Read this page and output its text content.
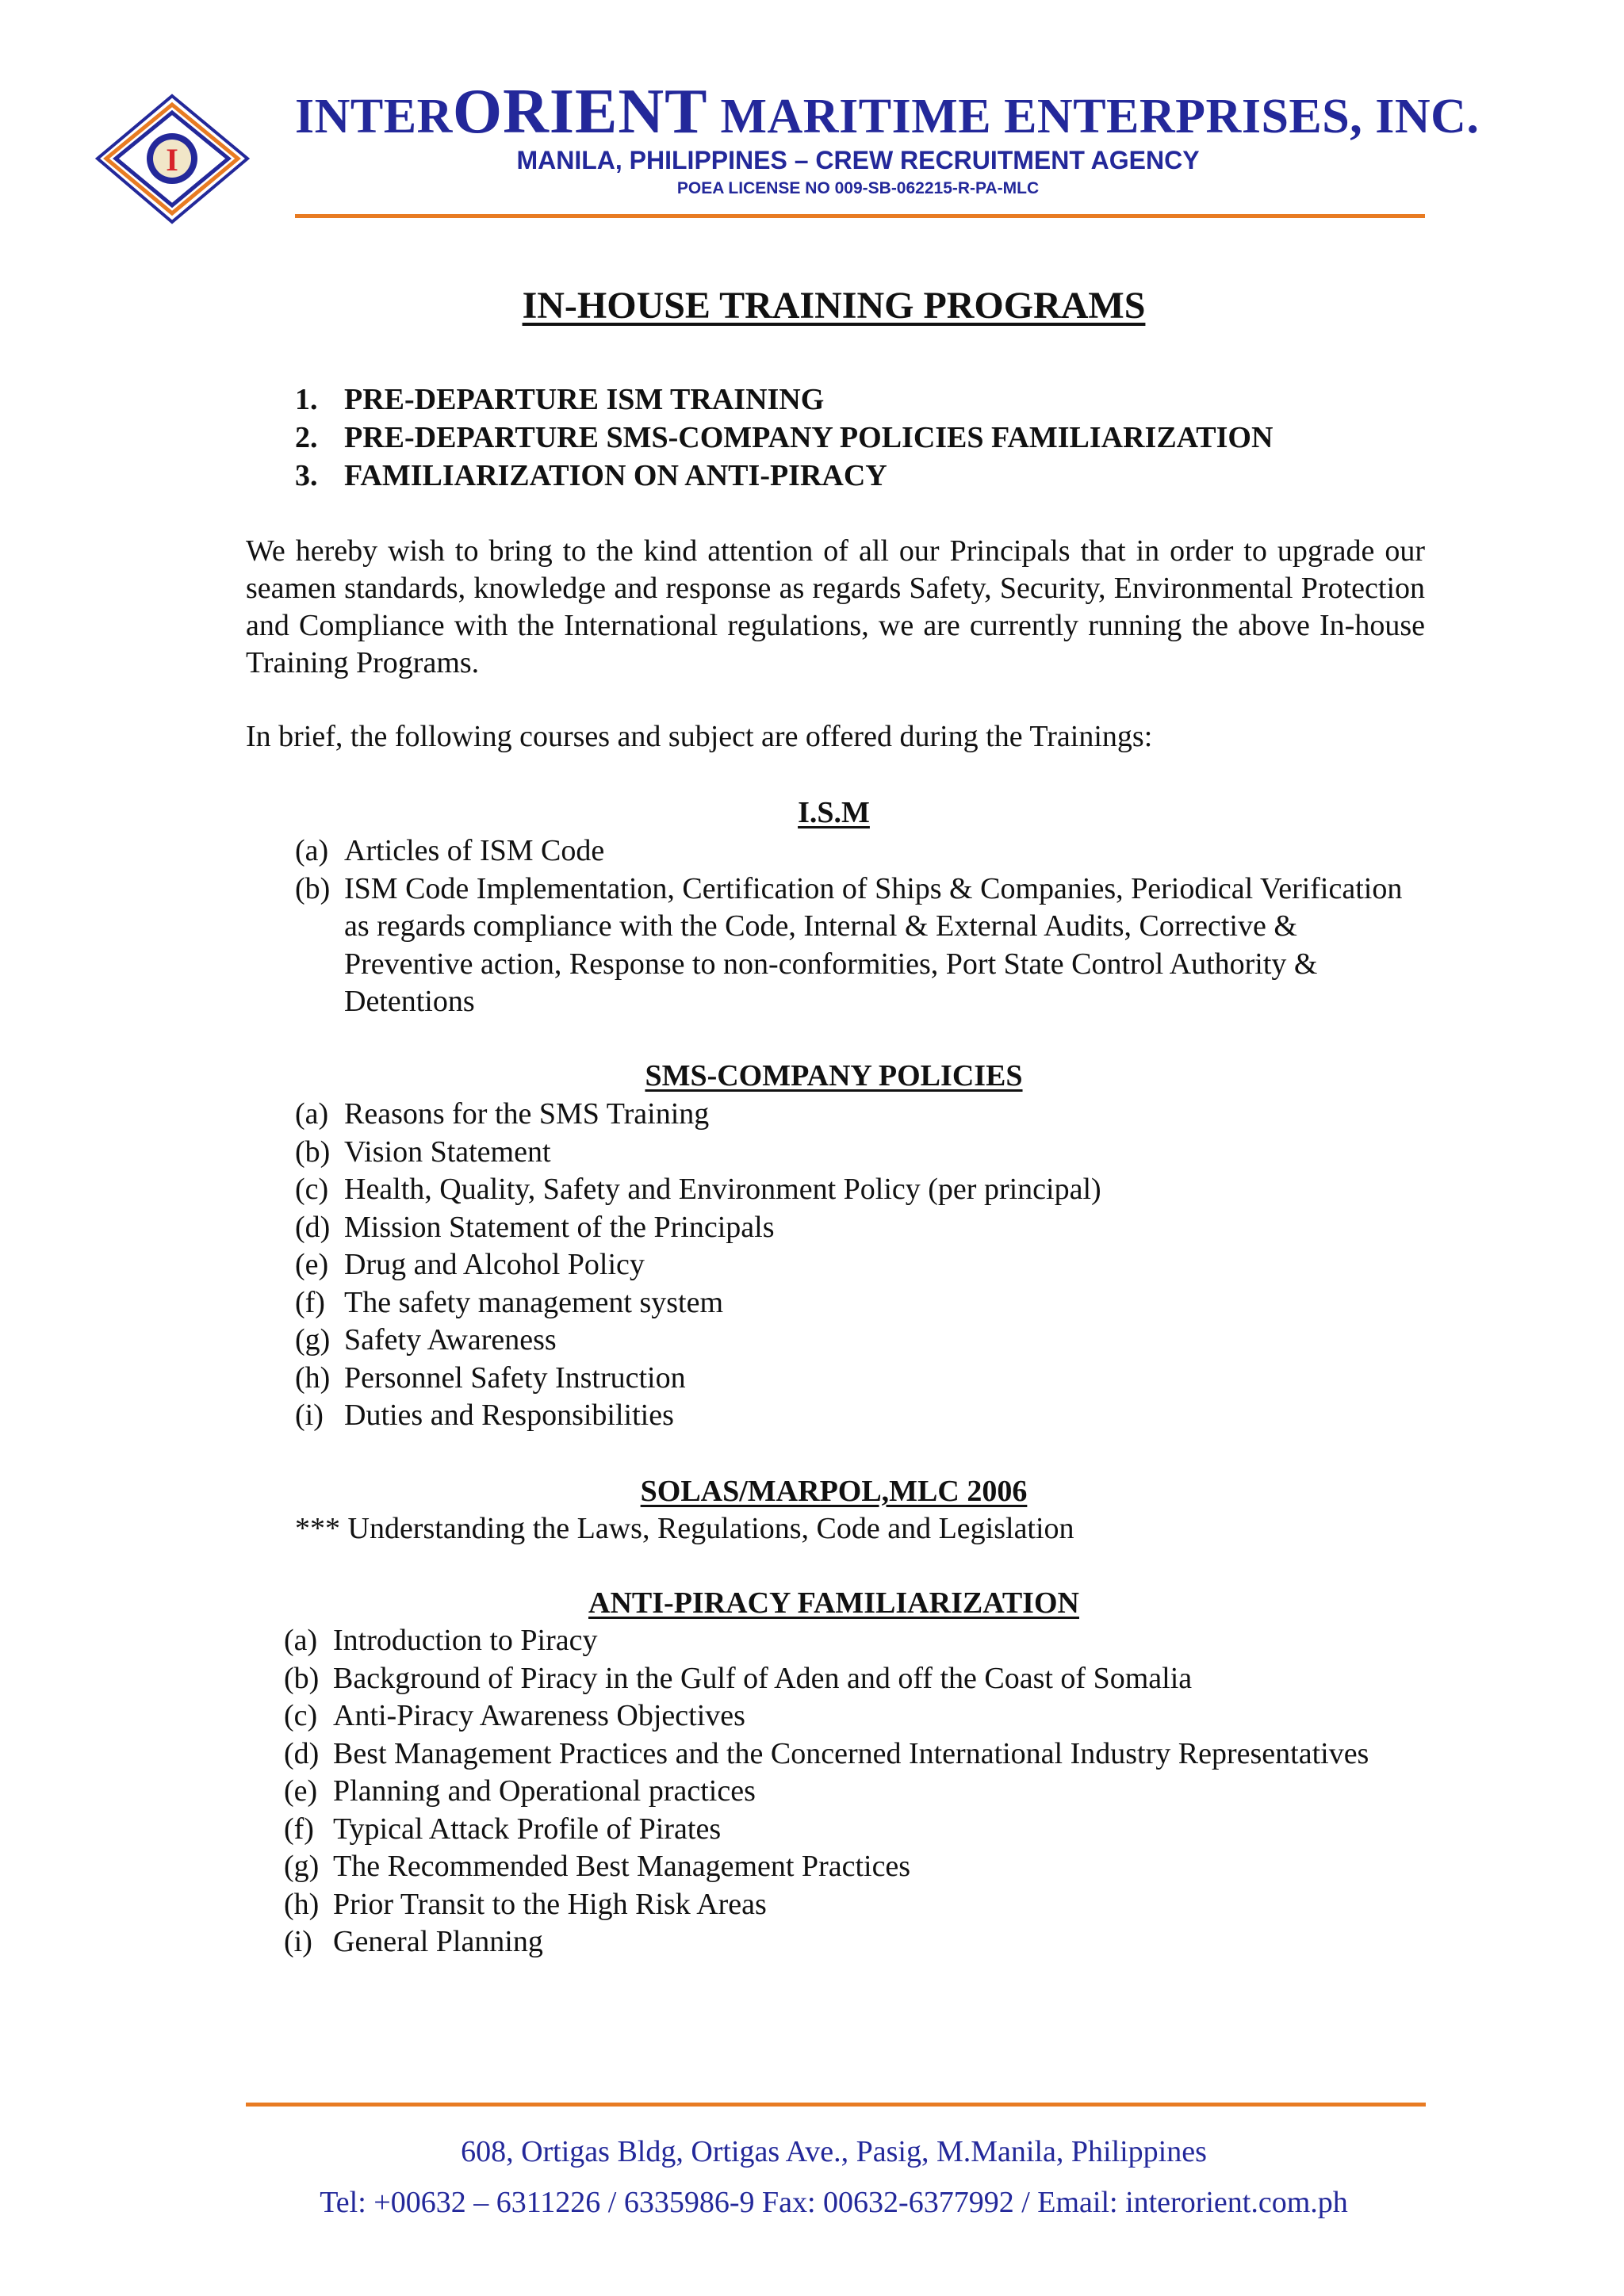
I
INTERORIENT MARITIME ENTERPRISES, INC.
MANILA, PHILIPPINES – CREW RECRUITMENT AGENCY
POEA LICENSE NO 009-SB-062215-R-PA-MLC
IN-HOUSE TRAINING PROGRAMS
1. PRE-DEPARTURE ISM TRAINING
2. PRE-DEPARTURE SMS-COMPANY POLICIES FAMILIARIZATION
3. FAMILIARIZATION ON ANTI-PIRACY
We hereby wish to bring to the kind attention of all our Principals that in order to upgrade our seamen standards, knowledge and response as regards Safety, Security, Environmental Protection and Compliance with the International regulations, we are currently running the above In-house Training Programs.
In brief, the following courses and subject are offered during the Trainings:
I.S.M
(a) Articles of ISM Code
(b) ISM Code Implementation, Certification of Ships & Companies, Periodical Verification as regards compliance with the Code, Internal & External Audits, Corrective & Preventive action, Response to non-conformities, Port State Control Authority & Detentions
SMS-COMPANY POLICIES
(a) Reasons for the SMS Training
(b) Vision Statement
(c) Health, Quality, Safety and Environment Policy (per principal)
(d) Mission Statement of the Principals
(e) Drug and Alcohol Policy
(f) The safety management system
(g) Safety Awareness
(h) Personnel Safety Instruction
(i) Duties and Responsibilities
SOLAS/MARPOL,MLC 2006
*** Understanding the Laws, Regulations, Code and Legislation
ANTI-PIRACY FAMILIARIZATION
(a) Introduction to Piracy
(b) Background of Piracy in the Gulf of Aden and off the Coast of Somalia
(c) Anti-Piracy Awareness Objectives
(d) Best Management Practices and the Concerned International Industry Representatives
(e) Planning and Operational practices
(f) Typical Attack Profile of Pirates
(g) The Recommended Best Management Practices
(h) Prior Transit to the High Risk Areas
(i) General Planning
608, Ortigas Bldg, Ortigas Ave., Pasig, M.Manila, Philippines
Tel: +00632 – 6311226 / 6335986-9 Fax: 00632-6377992 / Email: interorient.com.ph
